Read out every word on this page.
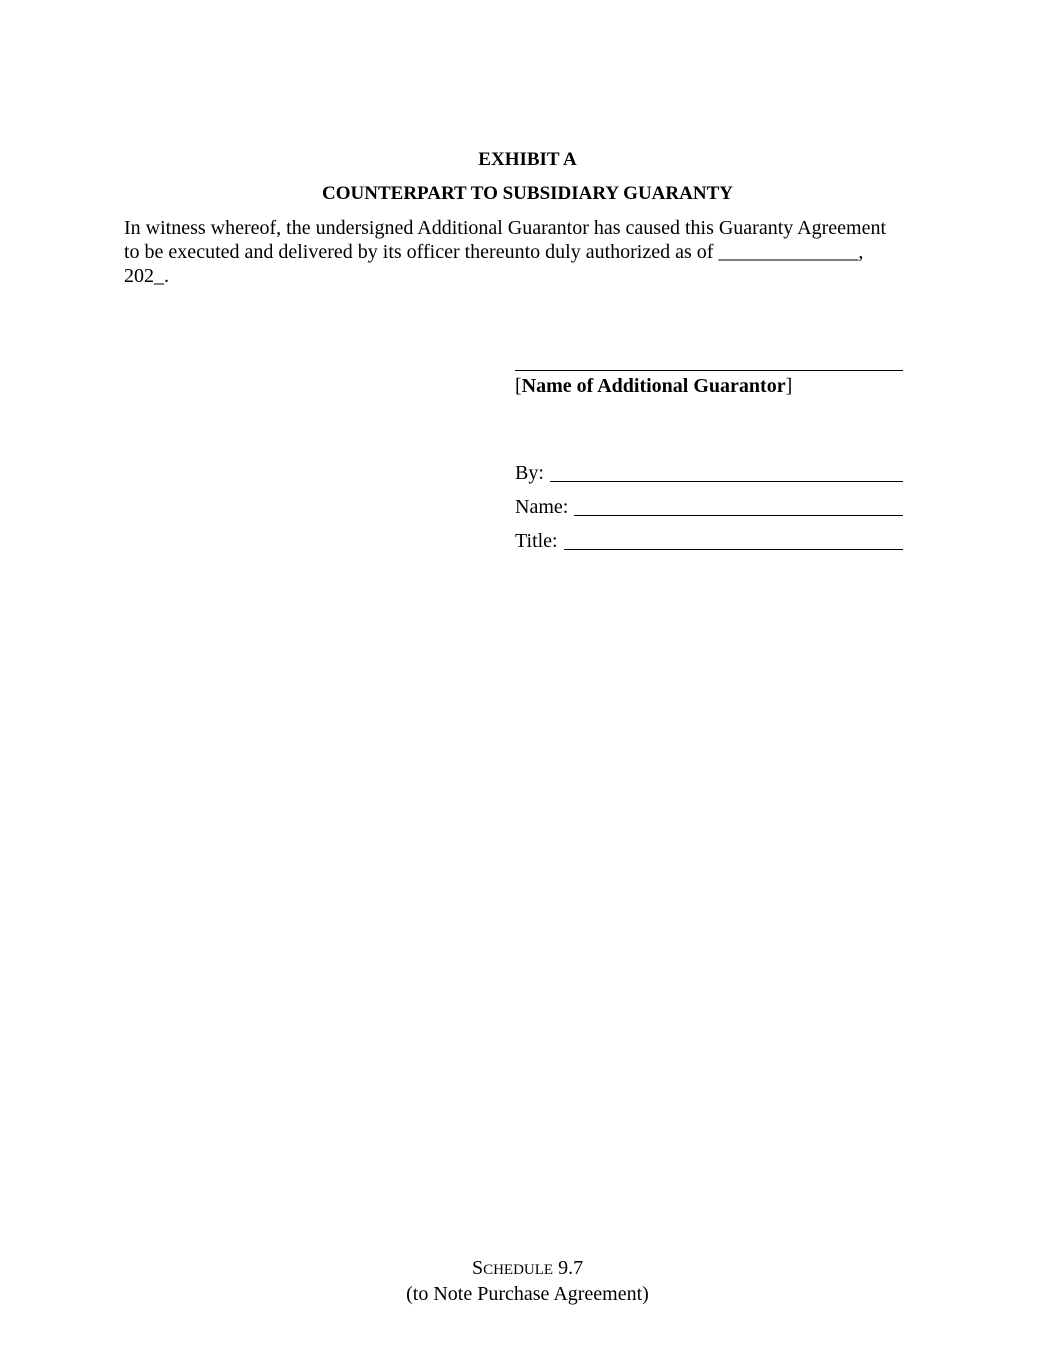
EXHIBIT A
COUNTERPART TO SUBSIDIARY GUARANTY
In witness whereof, the undersigned Additional Guarantor has caused this Guaranty Agreement
to be executed and delivered by its officer thereunto duly authorized as of ______________,
202_.
[Name of Additional Guarantor]
By:
Name:
Title:
SCHEDULE 9.7
(to Note Purchase Agreement)
